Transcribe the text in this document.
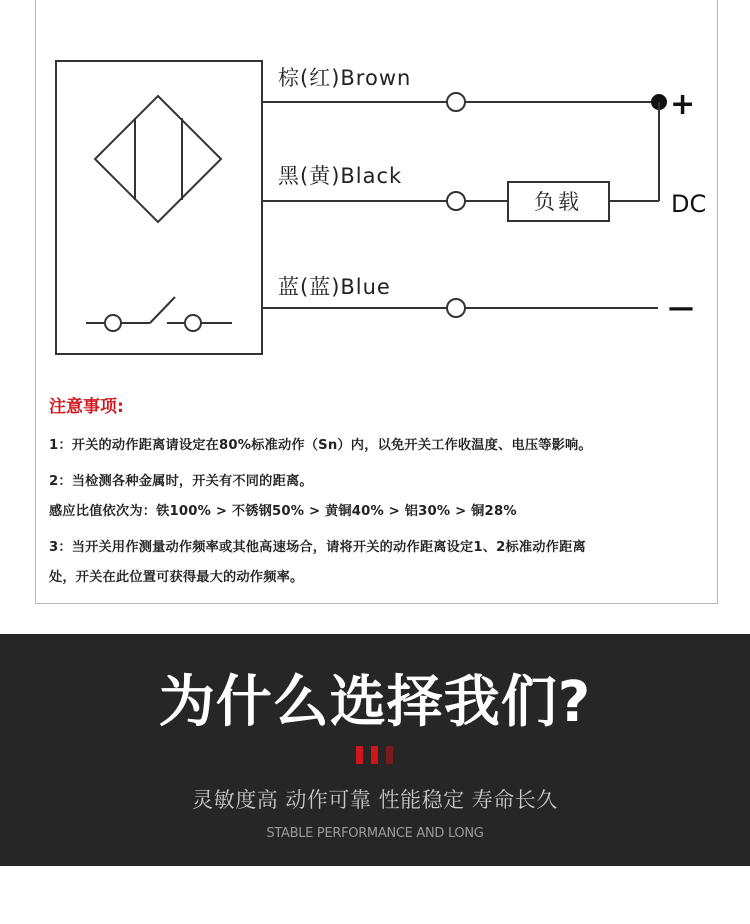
棕(红)Brown
黑(黄)Black
负载
蓝(蓝)Blue
+
DC
—
注意事项:
1：开关的动作距离请设定在80%标准动作（Sn）内，以免开关工作收温度、电压等影响。
2：当检测各种金属时，开关有不同的距离。
感应比值依次为：铁100% > 不锈钢50% > 黄铜40% > 铝30% > 铜28%
3：当开关用作测量动作频率或其他高速场合，请将开关的动作距离设定1、2标准动作距离
处，开关在此位置可获得最大的动作频率。
为什么选择我们?
灵敏度高 动作可靠 性能稳定 寿命长久
STABLE PERFORMANCE AND LONG
